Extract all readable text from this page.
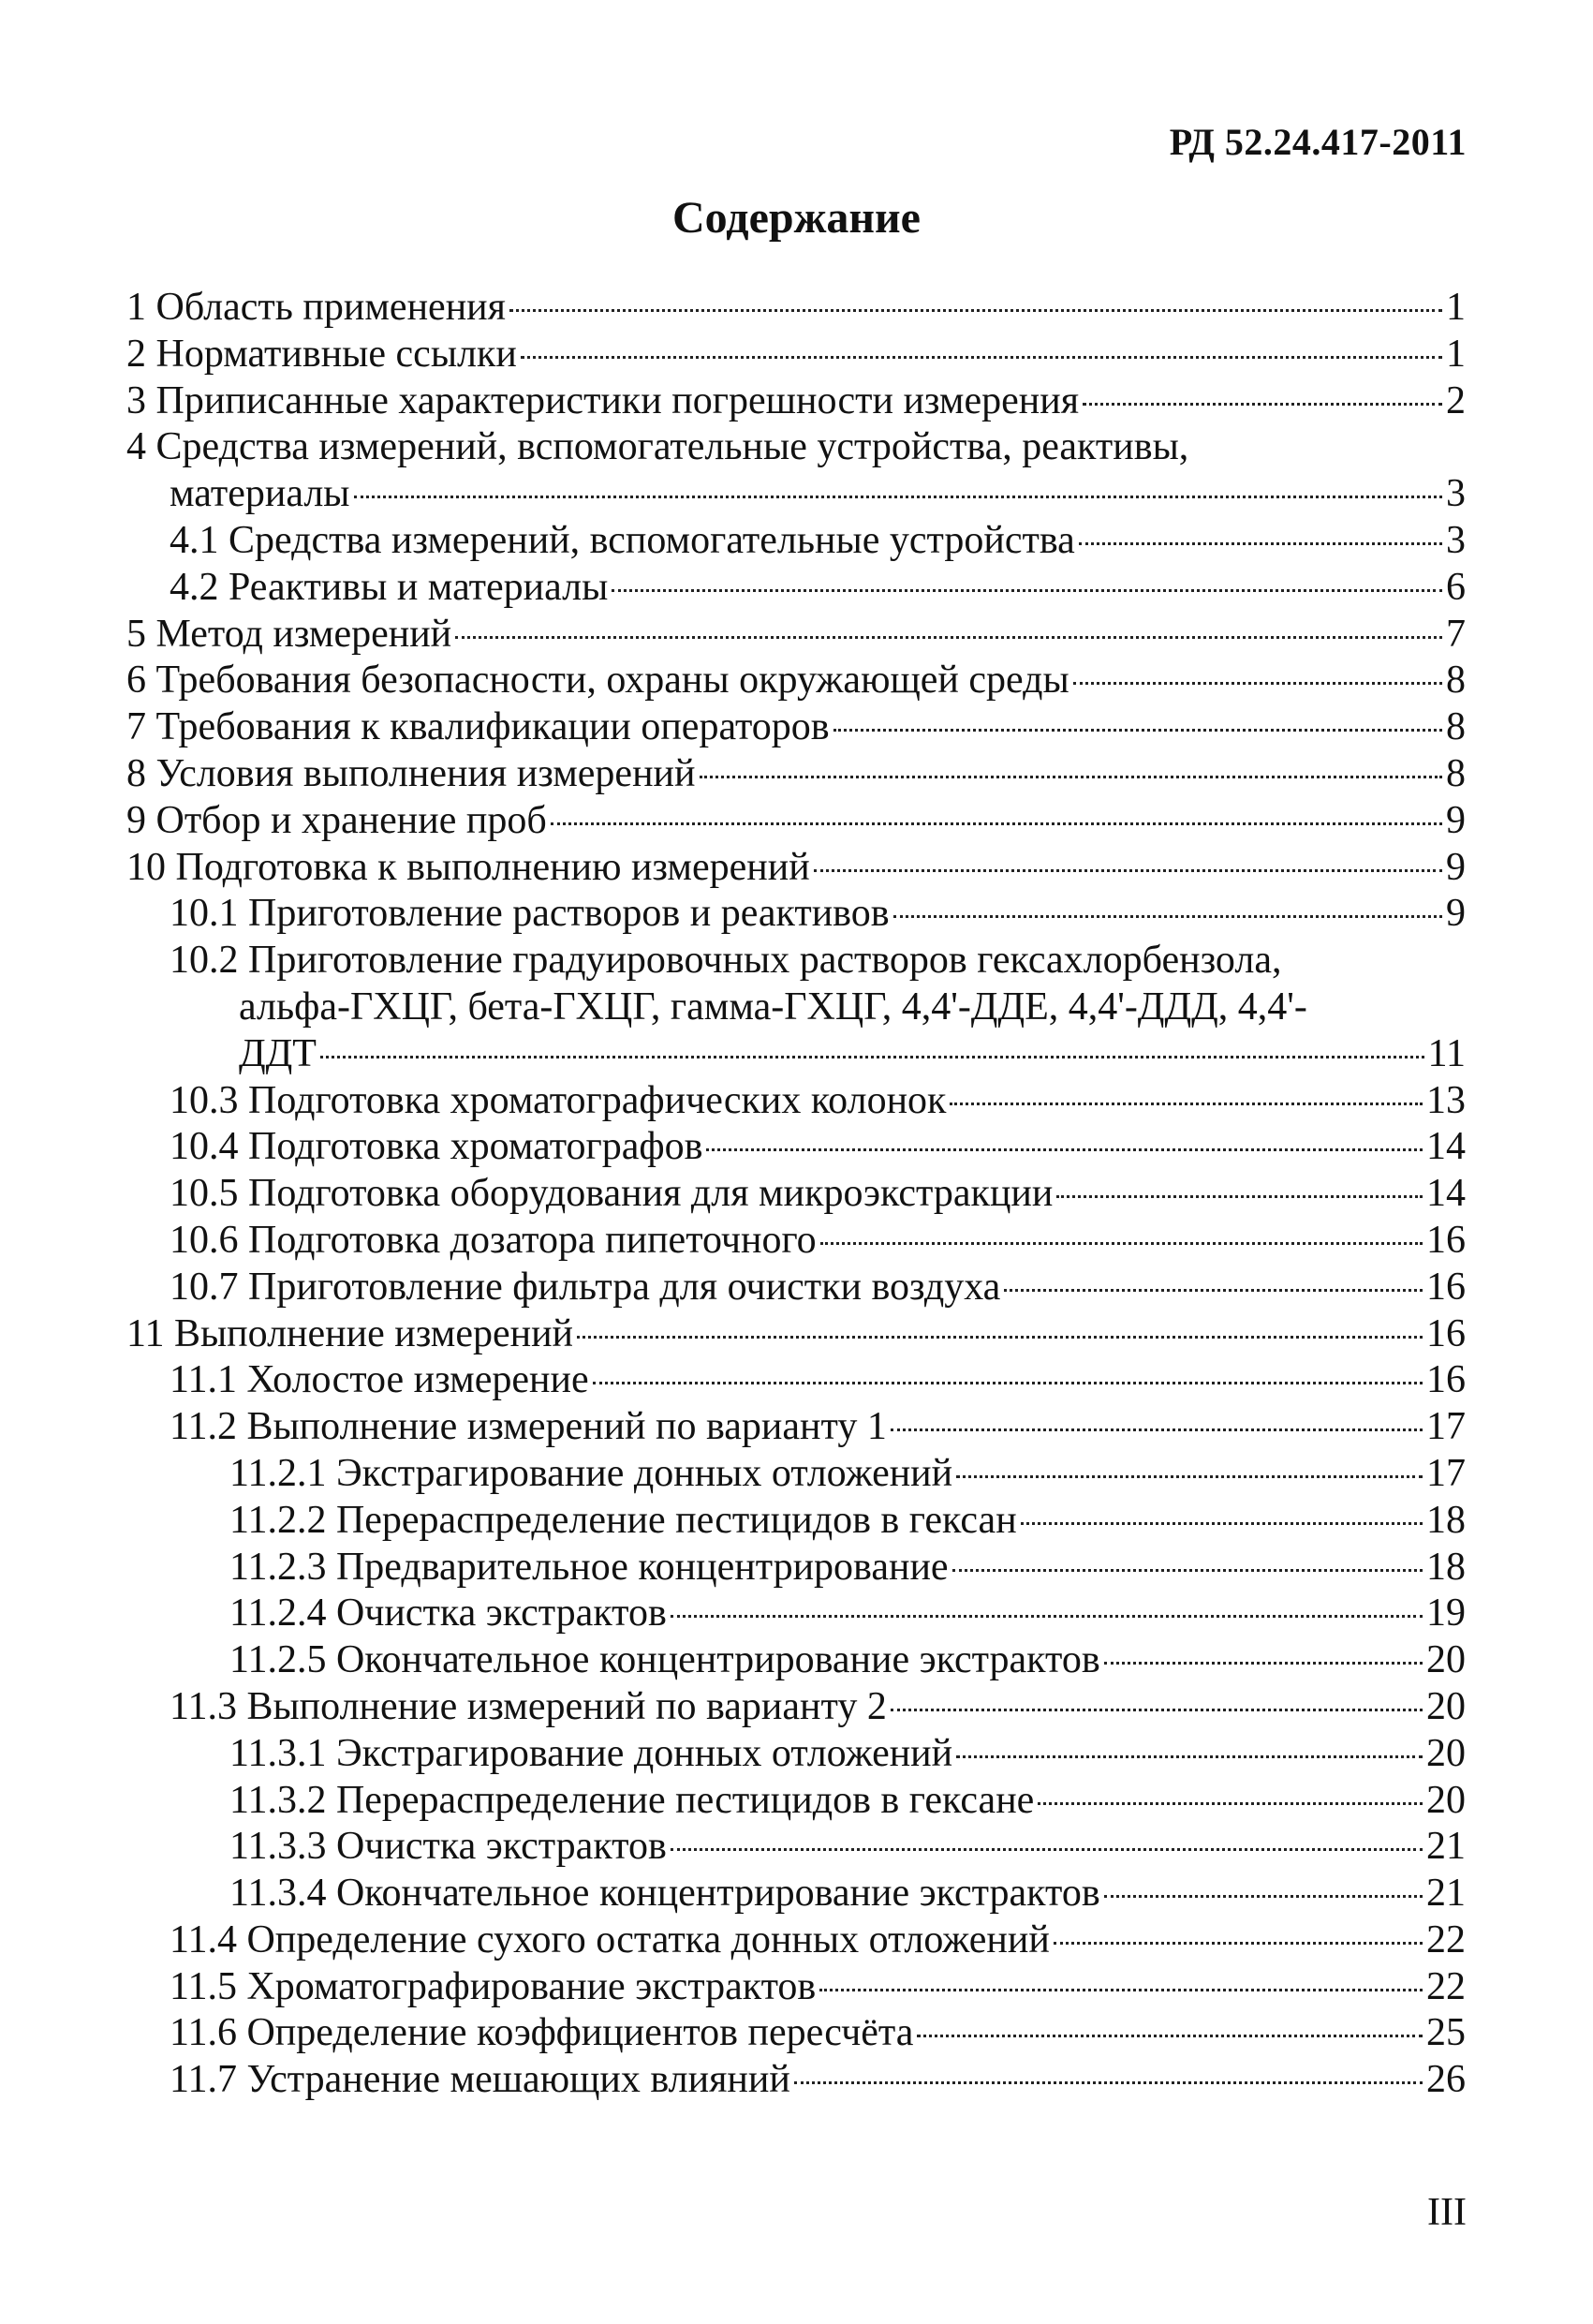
РД 52.24.417-2011
Содержание
1 Область применения	1
2 Нормативные ссылки	1
3 Приписанные характеристики погрешности измерения	2
4 Средства измерений, вспомогательные устройства, реактивы,
материалы	3
4.1 Средства измерений, вспомогательные устройства	3
4.2 Реактивы и материалы	6
5 Метод измерений	7
6 Требования безопасности, охраны окружающей среды	8
7 Требования к квалификации операторов	8
8 Условия выполнения измерений	8
9 Отбор и хранение проб	9
10 Подготовка к выполнению измерений	9
10.1 Приготовление растворов и реактивов	9
10.2 Приготовление градуировочных растворов гексахлорбензола,
альфа-ГХЦГ, бета-ГХЦГ, гамма-ГХЦГ, 4,4'-ДДЕ, 4,4'-ДДД, 4,4'-
ДДТ	11
10.3 Подготовка хроматографических колонок	13
10.4 Подготовка хроматографов	14
10.5 Подготовка оборудования для микроэкстракции	14
10.6 Подготовка дозатора пипеточного	16
10.7 Приготовление фильтра для очистки воздуха	16
11 Выполнение измерений	16
11.1 Холостое измерение	16
11.2 Выполнение измерений по варианту 1	17
11.2.1 Экстрагирование донных отложений	17
11.2.2 Перераспределение пестицидов в гексан	18
11.2.3 Предварительное концентрирование	18
11.2.4 Очистка экстрактов	19
11.2.5 Окончательное концентрирование экстрактов	20
11.3 Выполнение измерений по варианту 2	20
11.3.1 Экстрагирование донных отложений	20
11.3.2 Перераспределение пестицидов в гексане	20
11.3.3 Очистка экстрактов	21
11.3.4 Окончательное концентрирование экстрактов	21
11.4 Определение сухого остатка донных отложений	22
11.5 Хроматографирование экстрактов	22
11.6 Определение коэффициентов пересчёта	25
11.7 Устранение мешающих влияний	26
III
